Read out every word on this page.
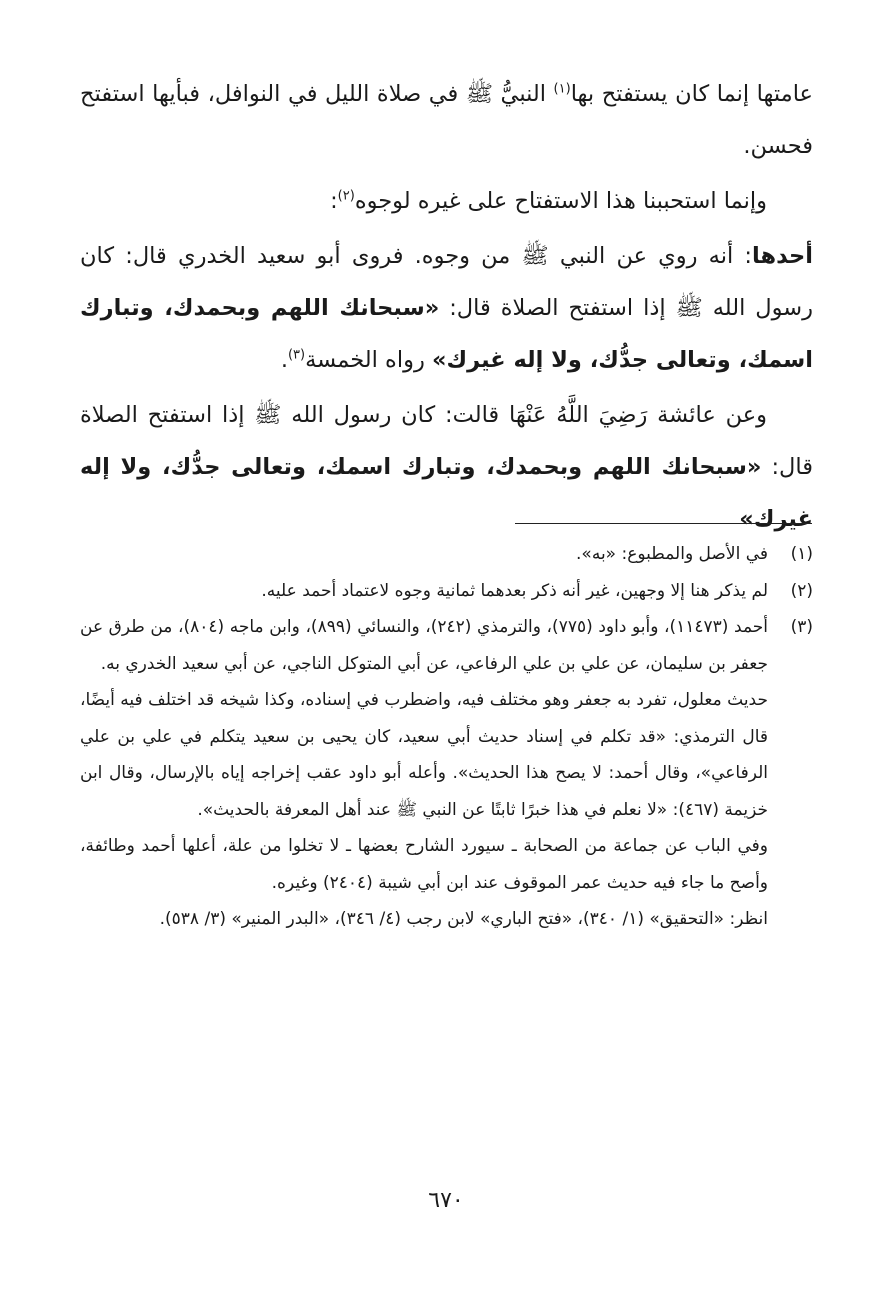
عامتها إنما كان يستفتح بها$^{(١)}$ النبيُّ ﷺ في صلاة الليل في النوافل، فبأيها استفتح فحسن.

وإنما استحببنا هذا الاستفتاح على غيره لوجوه$^{(٢)}$:

أحدها: أنه روي عن النبي ﷺ من وجوه. فروى أبو سعيد الخدري قال: كان رسول الله ﷺ إذا استفتح الصلاة قال: «سبحانك اللهم وبحمدك، وتبارك اسمك، وتعالى جدُّك، ولا إله غيرك» رواه الخمسة$^{(٣)}$.

وعن عائشة رَضِيَ اللَّهُ عَنْهَا قالت: كان رسول الله ﷺ إذا استفتح الصلاة قال: «سبحانك اللهم وبحمدك، وتبارك اسمك، وتعالى جدُّك، ولا إله غيرك»

(١)

في الأصل والمطبوع: «به».

(٢)

لم يذكر هنا إلا وجهين، غير أنه ذكر بعدهما ثمانية وجوه لاعتماد أحمد عليه.

(٣)

أحمد (١١٤٧٣)، وأبو داود (٧٧٥)، والترمذي (٢٤٢)، والنسائي (٨٩٩)، وابن ماجه (٨٠٤)، من طرق عن جعفر بن سليمان، عن علي بن علي الرفاعي، عن أبي المتوكل الناجي، عن أبي سعيد الخدري به.

حديث معلول، تفرد به جعفر وهو مختلف فيه، واضطرب في إسناده، وكذا شيخه قد اختلف فيه أيضًا، قال الترمذي: «قد تكلم في إسناد حديث أبي سعيد، كان يحيى بن سعيد يتكلم في علي بن علي الرفاعي»، وقال أحمد: لا يصح هذا الحديث». وأعله أبو داود عقب إخراجه إياه بالإرسال، وقال ابن خزيمة (٤٦٧): «لا نعلم في هذا خبرًا ثابتًا عن النبي ﷺ عند أهل المعرفة بالحديث».

وفي الباب عن جماعة من الصحابة ـ سيورد الشارح بعضها ـ لا تخلوا من علة، أعلها أحمد وطائفة، وأصح ما جاء فيه حديث عمر الموقوف عند ابن أبي شيبة (٢٤٠٤) وغيره.

انظر: «التحقيق» (١/ ٣٤٠)، «فتح الباري» لابن رجب (٤/ ٣٤٦)، «البدر المنير» (٣/ ٥٣٨).

٦٧٠
